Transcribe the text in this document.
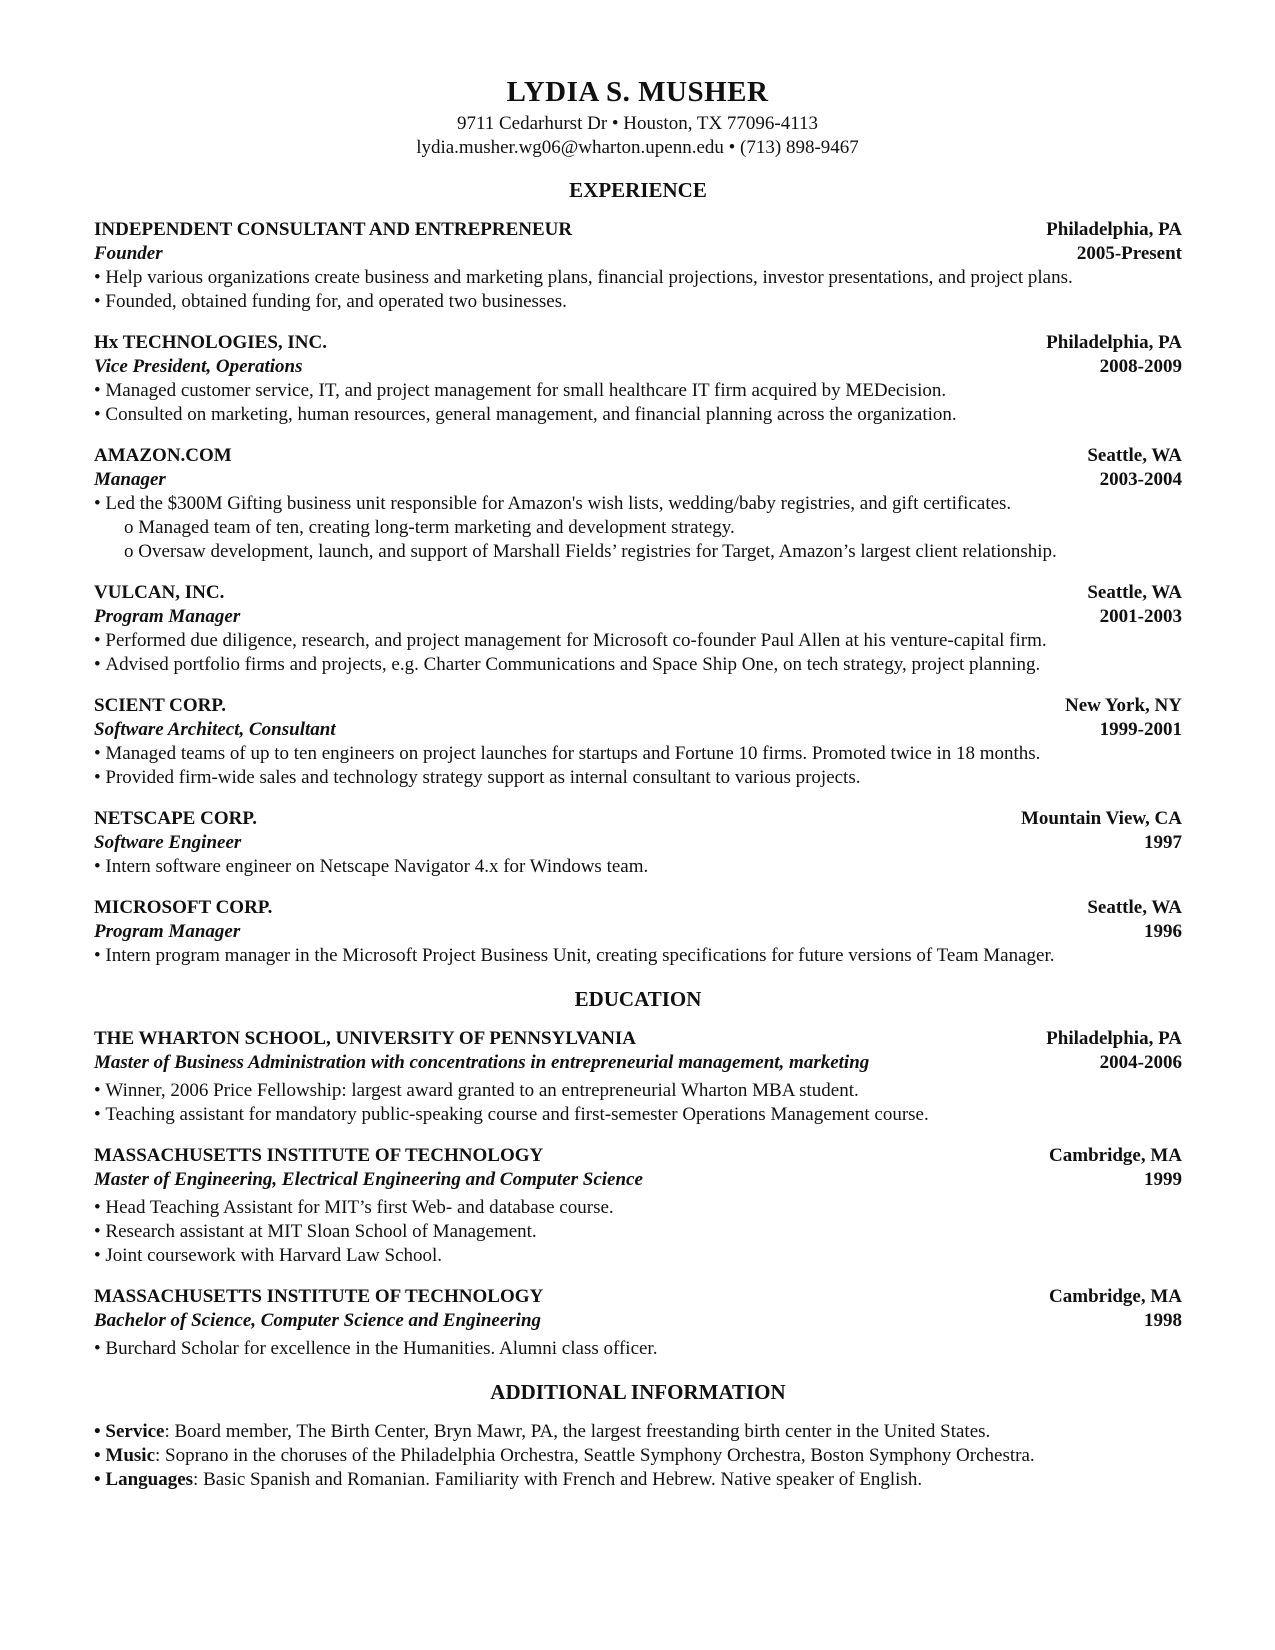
LYDIA S. MUSHER
9711 Cedarhurst Dr • Houston, TX 77096-4113
lydia.musher.wg06@wharton.upenn.edu • (713) 898-9467
EXPERIENCE
INDEPENDENT CONSULTANT AND ENTREPRENEUR	Philadelphia, PA
Founder	2005-Present
• Help various organizations create business and marketing plans, financial projections, investor presentations, and project plans.
• Founded, obtained funding for, and operated two businesses.
Hx TECHNOLOGIES, INC.	Philadelphia, PA
Vice President, Operations	2008-2009
• Managed customer service, IT, and project management for small healthcare IT firm acquired by MEDecision.
• Consulted on marketing, human resources, general management, and financial planning across the organization.
AMAZON.COM	Seattle, WA
Manager	2003-2004
• Led the $300M Gifting business unit responsible for Amazon's wish lists, wedding/baby registries, and gift certificates.
o Managed team of ten, creating long-term marketing and development strategy.
o Oversaw development, launch, and support of Marshall Fields’ registries for Target, Amazon’s largest client relationship.
VULCAN, INC.	Seattle, WA
Program Manager	2001-2003
• Performed due diligence, research, and project management for Microsoft co-founder Paul Allen at his venture-capital firm.
• Advised portfolio firms and projects, e.g. Charter Communications and Space Ship One, on tech strategy, project planning.
SCIENT CORP.	New York, NY
Software Architect, Consultant	1999-2001
• Managed teams of up to ten engineers on project launches for startups and Fortune 10 firms. Promoted twice in 18 months.
• Provided firm-wide sales and technology strategy support as internal consultant to various projects.
NETSCAPE CORP.	Mountain View, CA
Software Engineer	1997
• Intern software engineer on Netscape Navigator 4.x for Windows team.
MICROSOFT CORP.	Seattle, WA
Program Manager	1996
• Intern program manager in the Microsoft Project Business Unit, creating specifications for future versions of Team Manager.
EDUCATION
THE WHARTON SCHOOL, UNIVERSITY OF PENNSYLVANIA	Philadelphia, PA
Master of Business Administration with concentrations in entrepreneurial management, marketing	2004-2006
• Winner, 2006 Price Fellowship: largest award granted to an entrepreneurial Wharton MBA student.
• Teaching assistant for mandatory public-speaking course and first-semester Operations Management course.
MASSACHUSETTS INSTITUTE OF TECHNOLOGY	Cambridge, MA
Master of Engineering, Electrical Engineering and Computer Science	1999
• Head Teaching Assistant for MIT’s first Web- and database course.
• Research assistant at MIT Sloan School of Management.
• Joint coursework with Harvard Law School.
MASSACHUSETTS INSTITUTE OF TECHNOLOGY	Cambridge, MA
Bachelor of Science, Computer Science and Engineering	1998
• Burchard Scholar for excellence in the Humanities. Alumni class officer.
ADDITIONAL INFORMATION
• Service: Board member, The Birth Center, Bryn Mawr, PA, the largest freestanding birth center in the United States.
• Music: Soprano in the choruses of the Philadelphia Orchestra, Seattle Symphony Orchestra, Boston Symphony Orchestra.
• Languages: Basic Spanish and Romanian. Familiarity with French and Hebrew. Native speaker of English.
